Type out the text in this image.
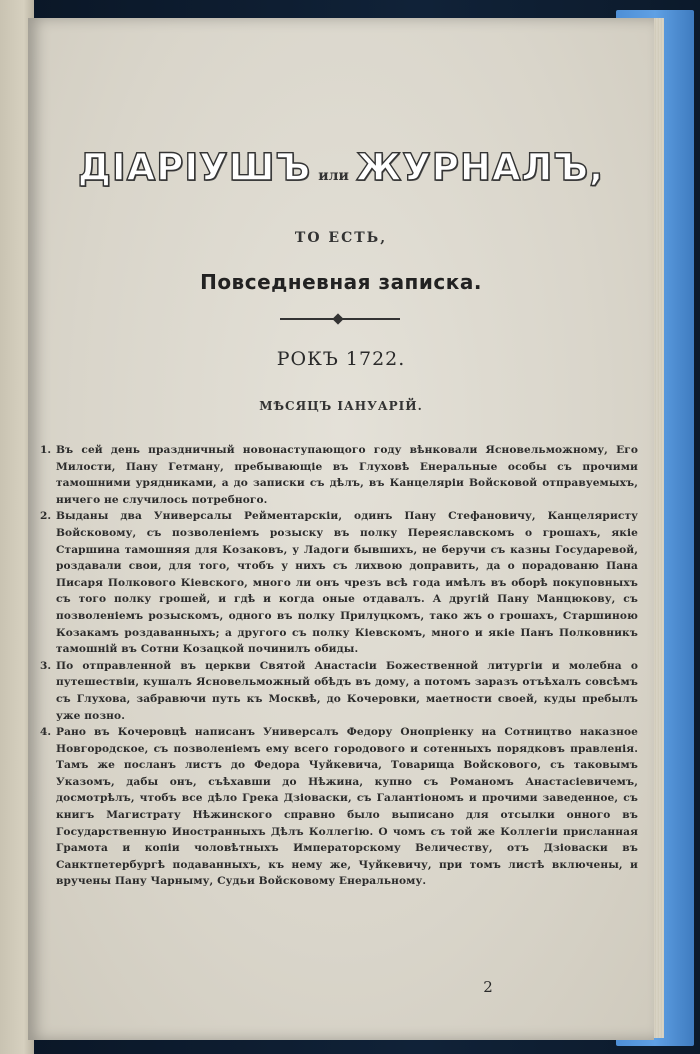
ДІАРІУШЪ или ЖУРНАЛЪ,
ТО ЕСТЬ,
Повседневная записка.
РОКЪ 1722.
МѢСЯЦЪ ІАНУАРІЙ.
1. Въ сей день праздничный новонаступающого году вѣнковали Ясновельможному, Его Милости, Пану Гетману, пребывающіе въ Глуховѣ Енеральные особы съ прочими тамошними урядниками, а до записки съ дѣлъ, въ Канцеляріи Войсковой отправуемыхъ, ничего не случилось потребного.
2. Выданы два Универсалы Рейментарскіи, одинъ Пану Стефановичу, Канцеляристу Войсковому, съ позволеніемъ розыску въ полку Переяславскомъ о грошахъ, якіе Старшина тамошняя для Козаковъ, у Ладоги бывшихъ, не беручи съ казны Государевой, роздавали свои, для того, чтобъ у нихъ съ лихвою доправить, да о порадованю Пана Писаря Полкового Кіевского, много ли онъ чрезъ всѣ года имѣлъ въ оборѣ покуповныхъ съ того полку грошей, и гдѣ и когда оные отдавалъ. А другій Пану Манцюкову, съ позволеніемъ розыскомъ, одного въ полку Прилуцкомъ, тако жъ о грошахъ, Старшиною Козакамъ роздаванныхъ; а другого съ полку Кіевскомъ, много и якіе Панъ Полковникъ тамошній въ Сотни Козацкой починилъ обиды.
3. По отправленной въ церкви Святой Анастасіи Божественной литургіи и молебна о путешествіи, кушалъ Ясновельможный обѣдъ въ дому, а потомъ заразъ отъѣхалъ совсѣмъ съ Глухова, забравючи путь къ Москвѣ, до Кочеровки, маетности своей, куды пребылъ уже позно.
4. Рано въ Кочеровцѣ написанъ Универсалъ Федору Онопріенку на Сотництво наказное Новгородское, съ позволеніемъ ему всего городового и сотенныхъ порядковъ правленія. Тамъ же посланъ листъ до Федора Чуйкевича, Товарища Войскового, съ таковымъ Указомъ, дабы онъ, съѣхавши до Нѣжина, купно съ Романомъ Анастасіевичемъ, досмотрѣлъ, чтобъ все дѣло Грека Дзіоваски, съ Галантіономъ и прочими заведенное, съ книгъ Магистрату Нѣжинского справно было выписано для отсылки онного въ Государственную Иностранныхъ Дѣлъ Коллегію. О чомъ съ той же Коллегіи присланная Грамота и копіи чоловѣтныхъ Императорскому Величеству, отъ Дзіоваски въ Санктпетербургѣ подаванныхъ, къ нему же, Чуйкевичу, при томъ листѣ включены, и вручены Пану Чарныму, Судьи Войсковому Енеральному.
2
